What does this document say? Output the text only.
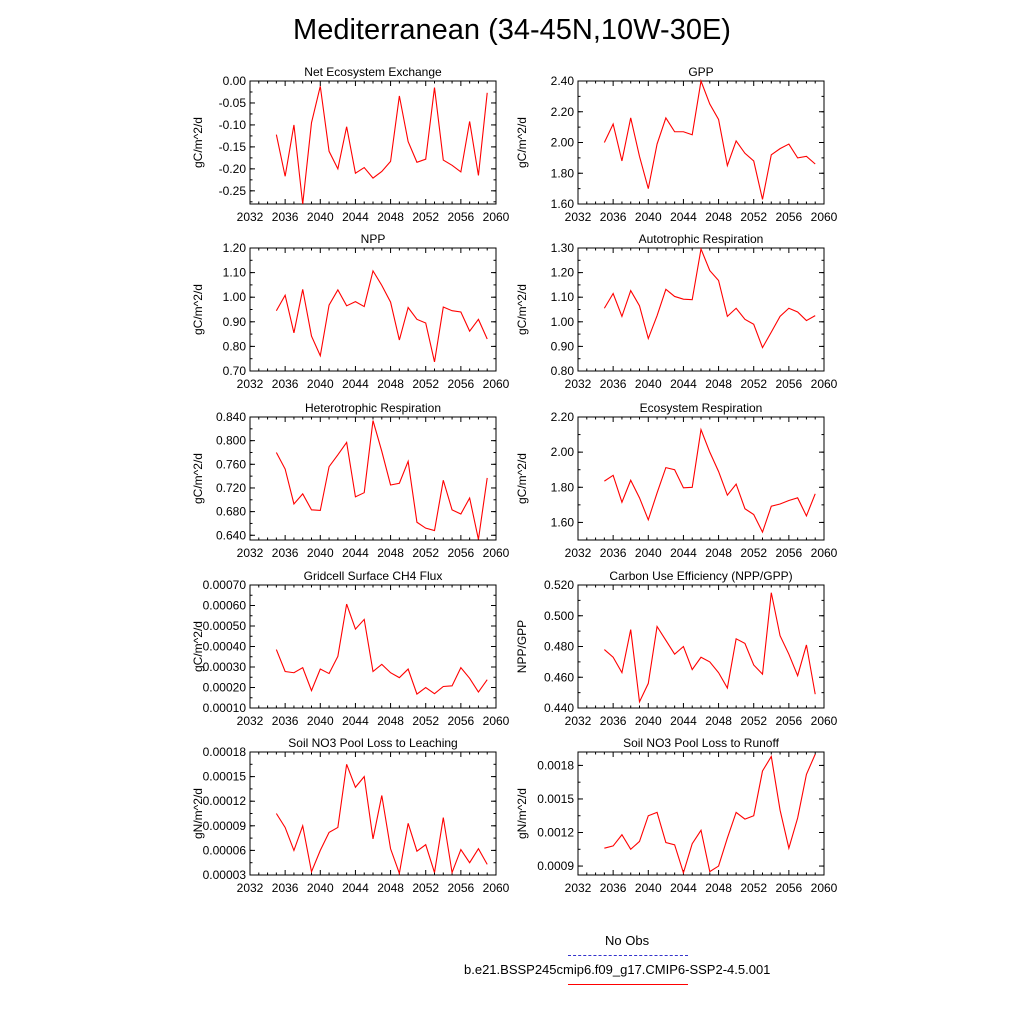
Mediterranean (34-45N,10W-30E)
Net Ecosystem Exchange
2032 2036 2040 2044 2048 2052 2056 2060
0.00
-0.05
-0.10
-0.15
-0.20
-0.25
gC/m^2/d
GPP
2032 2036 2040 2044 2048 2052 2056 2060
2.40
2.20
2.00
1.80
1.60
gC/m^2/d
NPP
2032 2036 2040 2044 2048 2052 2056 2060
1.20
1.10
1.00
0.90
0.80
0.70
gC/m^2/d
Autotrophic Respiration
2032 2036 2040 2044 2048 2052 2056 2060
1.30
1.20
1.10
1.00
0.90
0.80
gC/m^2/d
Heterotrophic Respiration
2032 2036 2040 2044 2048 2052 2056 2060
0.840
0.800
0.760
0.720
0.680
0.640
gC/m^2/d
Ecosystem Respiration
2032 2036 2040 2044 2048 2052 2056 2060
2.20
2.00
1.80
1.60
gC/m^2/d
Gridcell Surface CH4 Flux
2032 2036 2040 2044 2048 2052 2056 2060
0.00070
0.00060
0.00050
0.00040
0.00030
0.00020
0.00010
gC/m^2/d
Carbon Use Efficiency (NPP/GPP)
2032 2036 2040 2044 2048 2052 2056 2060
0.520
0.500
0.480
0.460
0.440
NPP/GPP
Soil NO3 Pool Loss to Leaching
2032 2036 2040 2044 2048 2052 2056 2060
0.00018
0.00015
0.00012
0.00009
0.00006
0.00003
gN/m^2/d
Soil NO3 Pool Loss to Runoff
2032 2036 2040 2044 2048 2052 2056 2060
0.0018
0.0015
0.0012
0.0009
gN/m^2/d
No Obs
b.e21.BSSP245cmip6.f09_g17.CMIP6-SSP2-4.5.001
